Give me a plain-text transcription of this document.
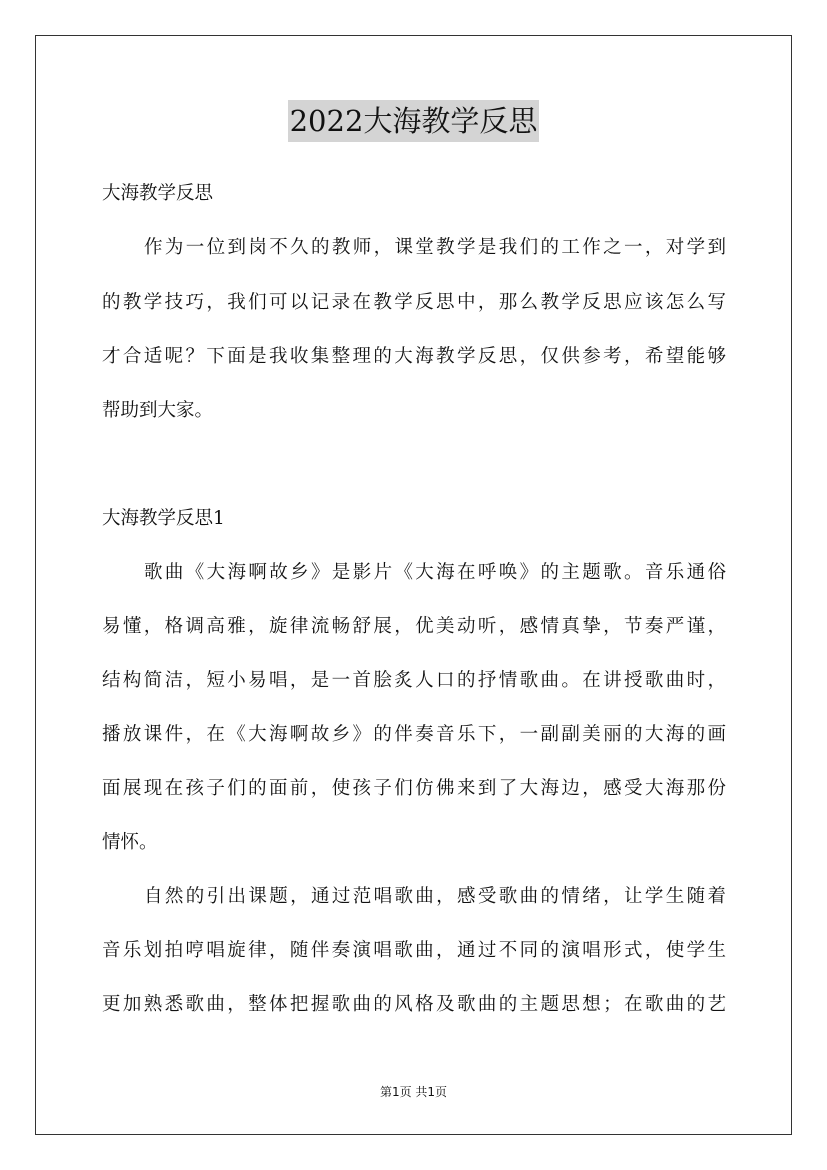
2022大海教学反思
大海教学反思
作为一位到岗不久的教师，课堂教学是我们的工作之一，对学到
的教学技巧，我们可以记录在教学反思中，那么教学反思应该怎么写
才合适呢？下面是我收集整理的大海教学反思，仅供参考，希望能够
帮助到大家。
大海教学反思1
歌曲《大海啊故乡》是影片《大海在呼唤》的主题歌。音乐通俗
易懂，格调高雅，旋律流畅舒展，优美动听，感情真挚，节奏严谨，
结构简洁，短小易唱，是一首脍炙人口的抒情歌曲。在讲授歌曲时，
播放课件，在《大海啊故乡》的伴奏音乐下，一副副美丽的大海的画
面展现在孩子们的面前，使孩子们仿佛来到了大海边，感受大海那份
情怀。
自然的引出课题，通过范唱歌曲，感受歌曲的情绪，让学生随着
音乐划拍哼唱旋律，随伴奏演唱歌曲，通过不同的演唱形式，使学生
更加熟悉歌曲，整体把握歌曲的风格及歌曲的主题思想；在歌曲的艺
第1页 共1页
